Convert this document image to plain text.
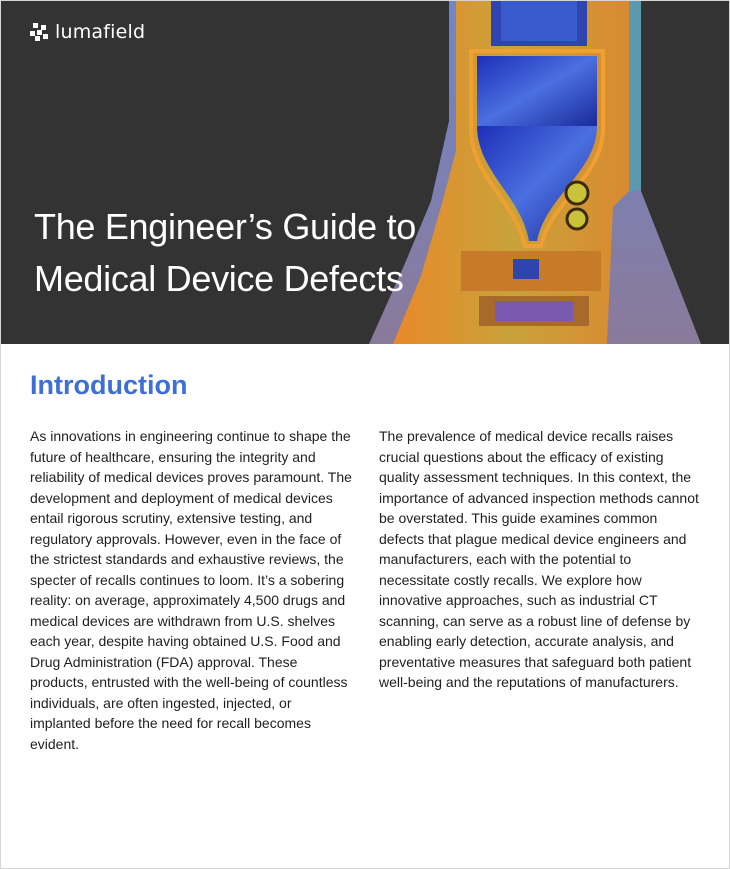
lumafield
The Engineer’s Guide to
Medical Device Defects
Introduction

As innovations in engineering continue to shape the future of healthcare, ensuring the integrity and reliability of medical devices proves paramount. The development and deployment of medical devices entail rigorous scrutiny, extensive testing, and regulatory approvals. However, even in the face of the strictest standards and exhaustive reviews, the specter of recalls continues to loom. It’s a sobering reality: on average, approximately 4,500 drugs and medical devices are withdrawn from U.S. shelves each year, despite having obtained U.S. Food and Drug Administration (FDA) approval. These products, entrusted with the well-being of countless individuals, are often ingested, injected, or implanted before the need for recall becomes evident.

The prevalence of medical device recalls raises crucial questions about the efficacy of existing quality assessment techniques. In this context, the importance of advanced inspection methods cannot be overstated. This guide examines common defects that plague medical device engineers and manufacturers, each with the potential to necessitate costly recalls. We explore how innovative approaches, such as industrial CT scanning, can serve as a robust line of defense by enabling early detection, accurate analysis, and preventative measures that safeguard both patient well-being and the reputations of manufacturers.
